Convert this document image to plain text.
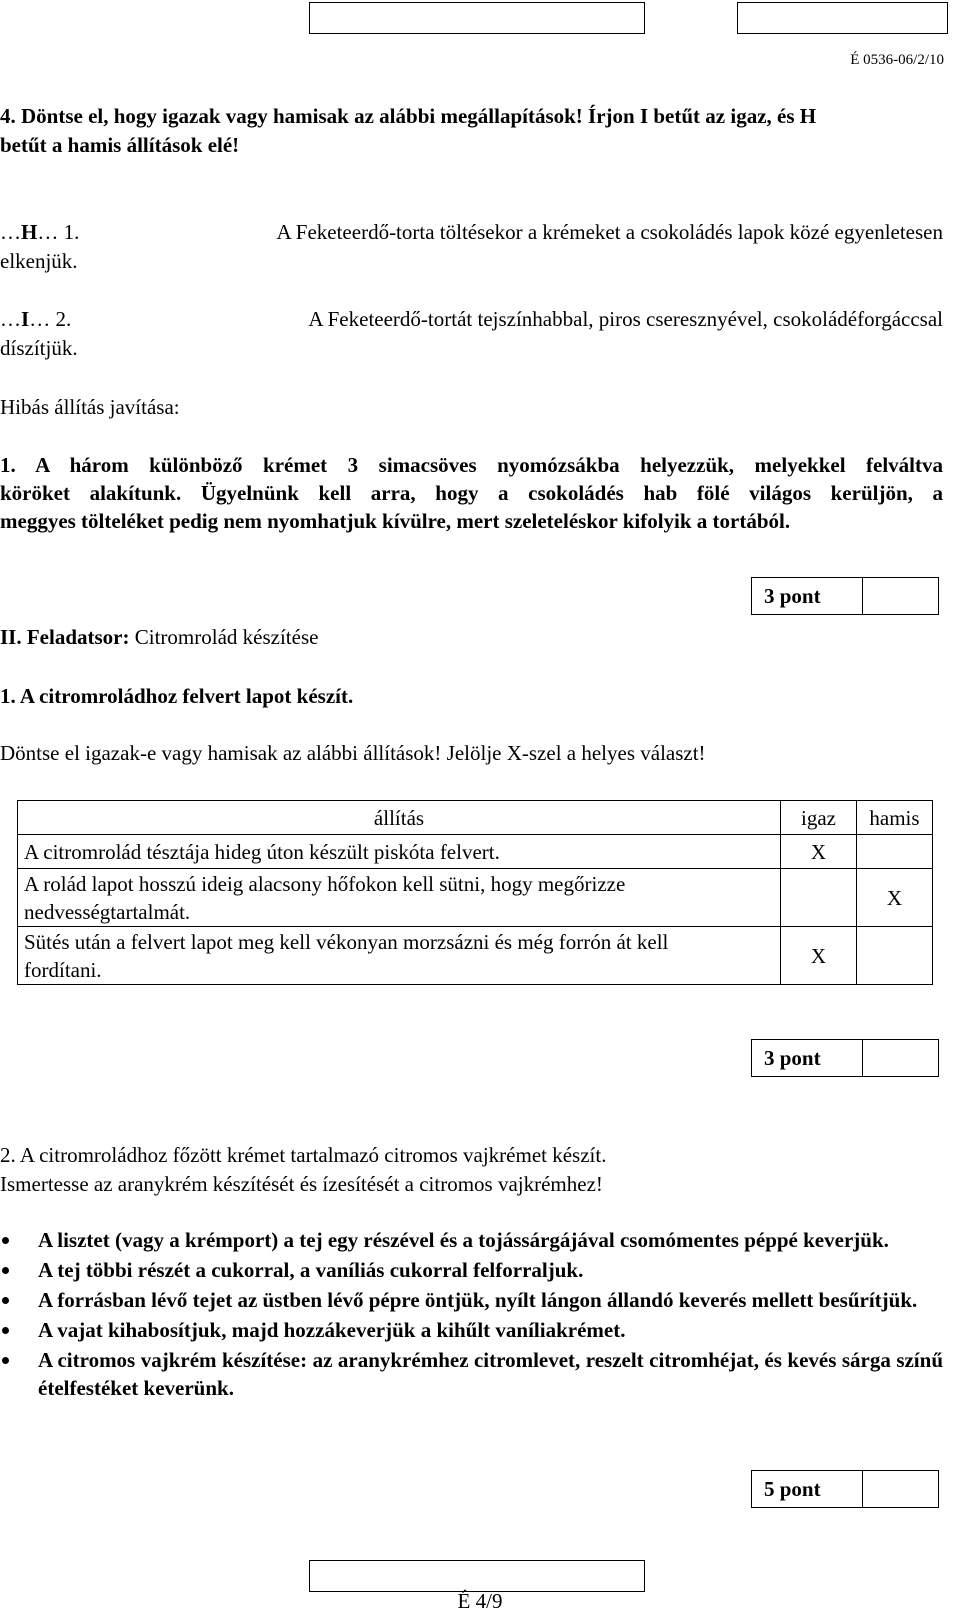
É 0536-06/2/10
4. Döntse el, hogy igazak vagy hamisak az alábbi megállapítások! Írjon I betűt az igaz, és H
betűt a hamis állítások elé!
…H… 1.	A Feketeerdő-torta töltésekor a krémeket a csokoládés lapok közé egyenletesen
elkenjük.
…I… 2.	A Feketeerdő-tortát tejszínhabbal, piros cseresznyével, csokoládéforgáccsal
díszítjük.
Hibás állítás javítása:
1. A három különböző krémet 3 simacsöves nyomózsákba helyezzük, melyekkel felváltva
köröket alakítunk. Ügyelnünk kell arra, hogy a csokoládés hab fölé világos kerüljön, a
meggyes tölteléket pedig nem nyomhatjuk kívülre, mert szeleteléskor kifolyik a tortából.
3 pont
II. Feladatsor: Citromrolád készítése
1. A citromroládhoz felvert lapot készít.
Döntse el igazak-e vagy hamisak az alábbi állítások! Jelölje X-szel a helyes választ!
állítás	igaz	hamis
A citromrolád tésztája hideg úton készült piskóta felvert.	X	
A rolád lapot hosszú ideig alacsony hőfokon kell sütni, hogy megőrizze nedvességtartalmát.		X
Sütés után a felvert lapot meg kell vékonyan morzsázni és még forrón át kell fordítani.	X	
3 pont
2. A citromroládhoz főzött krémet tartalmazó citromos vajkrémet készít.
Ismertesse az aranykrém készítését és ízesítését a citromos vajkrémhez!
A lisztet (vagy a krémport) a tej egy részével és a tojássárgájával csomómentes péppé keverjük.
A tej többi részét a cukorral, a vaníliás cukorral felforraljuk.
A forrásban lévő tejet az üstben lévő pépre öntjük, nyílt lángon állandó keverés mellett besűrítjük.
A vajat kihabosítjuk, majd hozzákeverjük a kihűlt vaníliakrémet.
A citromos vajkrém készítése: az aranykrémhez citromlevet, reszelt citromhéjat, és kevés sárga színű ételfestéket keverünk.
5 pont
É 4/9
